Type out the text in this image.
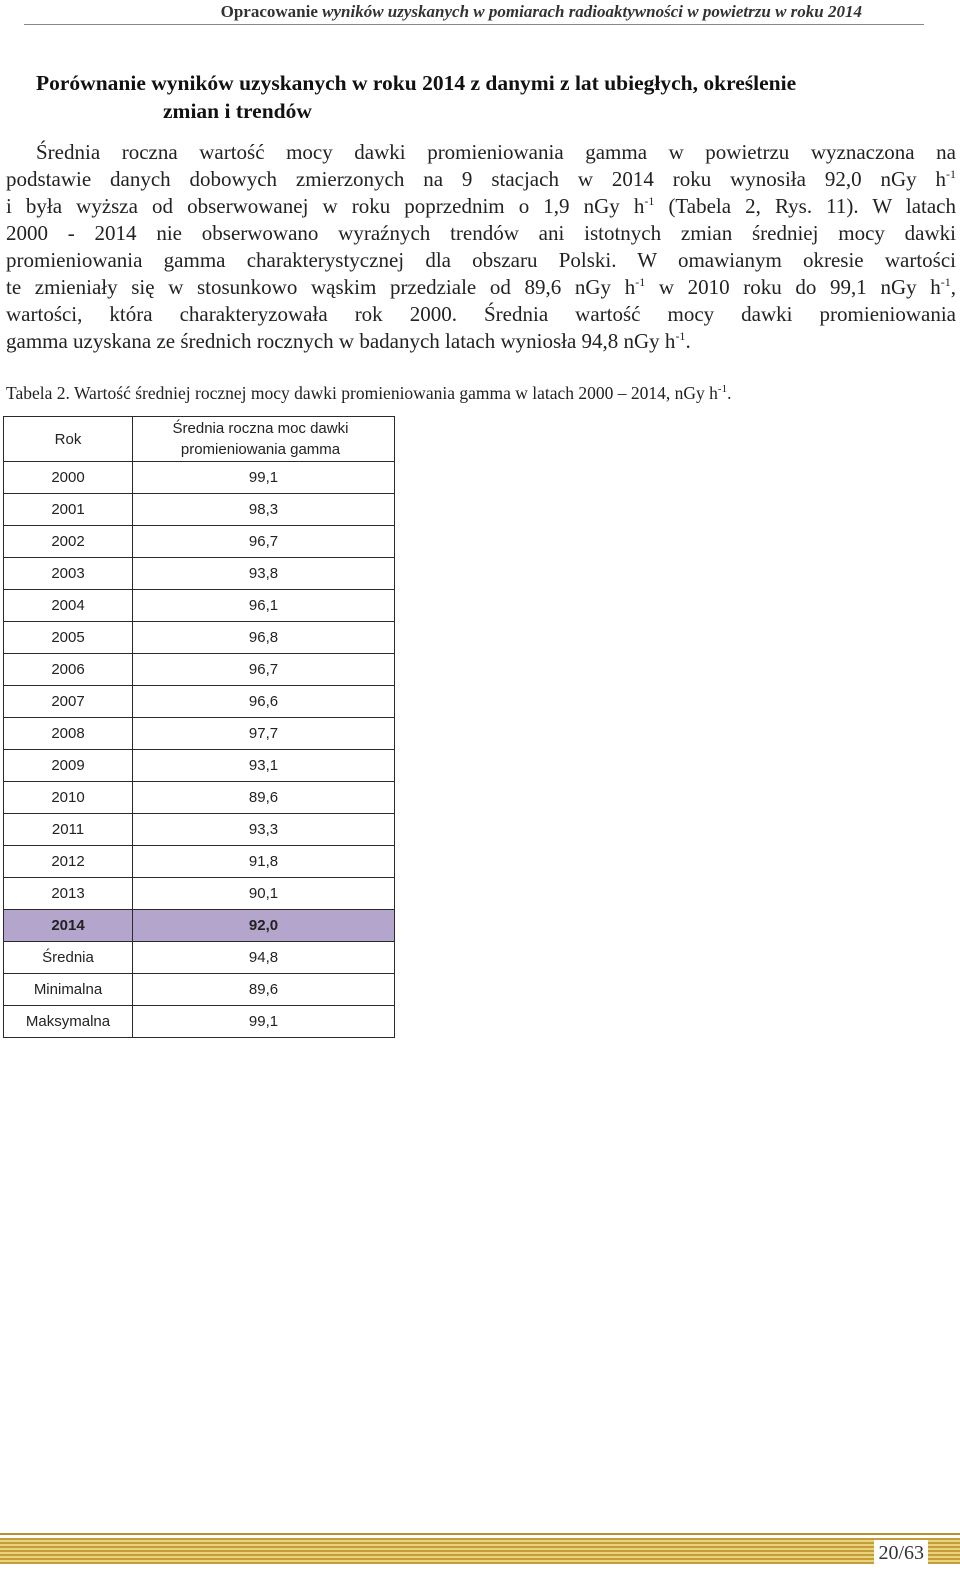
Opracowanie wyników uzyskanych w pomiarach radioaktywności w powietrzu w roku 2014
Porównanie wyników uzyskanych w roku 2014 z danymi z lat ubiegłych, określenie
zmian i trendów
Średnia roczna wartość mocy dawki promieniowania gamma w powietrzu wyznaczona na
podstawie danych dobowych zmierzonych na 9 stacjach w 2014 roku wynosiła 92,0 nGy $h^{-1}$
i była wyższa od obserwowanej w roku poprzednim o 1,9 nGy $h^{-1}$ (Tabela 2, Rys. 11). W latach
2000 - 2014 nie obserwowano wyraźnych trendów ani istotnych zmian średniej mocy dawki
promieniowania gamma charakterystycznej dla obszaru Polski. W omawianym okresie wartości
te zmieniały się w stosunkowo wąskim przedziale od 89,6 nGy $h^{-1}$ w 2010 roku do 99,1 nGy $h^{-1}$,
wartości, która charakteryzowała rok 2000. Średnia wartość mocy dawki promieniowania
gamma uzyskana ze średnich rocznych w badanych latach wyniosła 94,8 nGy $h^{-1}$.
Tabela 2. Wartość średniej rocznej mocy dawki promieniowania gamma w latach 2000 – 2014, nGy $h^{-1}$.
Rok	Średnia roczna moc dawki
promieniowania gamma
2000	99,1
2001	98,3
2002	96,7
2003	93,8
2004	96,1
2005	96,8
2006	96,7
2007	96,6
2008	97,7
2009	93,1
2010	89,6
2011	93,3
2012	91,8
2013	90,1
2014	92,0
Średnia	94,8
Minimalna	89,6
Maksymalna	99,1
20/63
